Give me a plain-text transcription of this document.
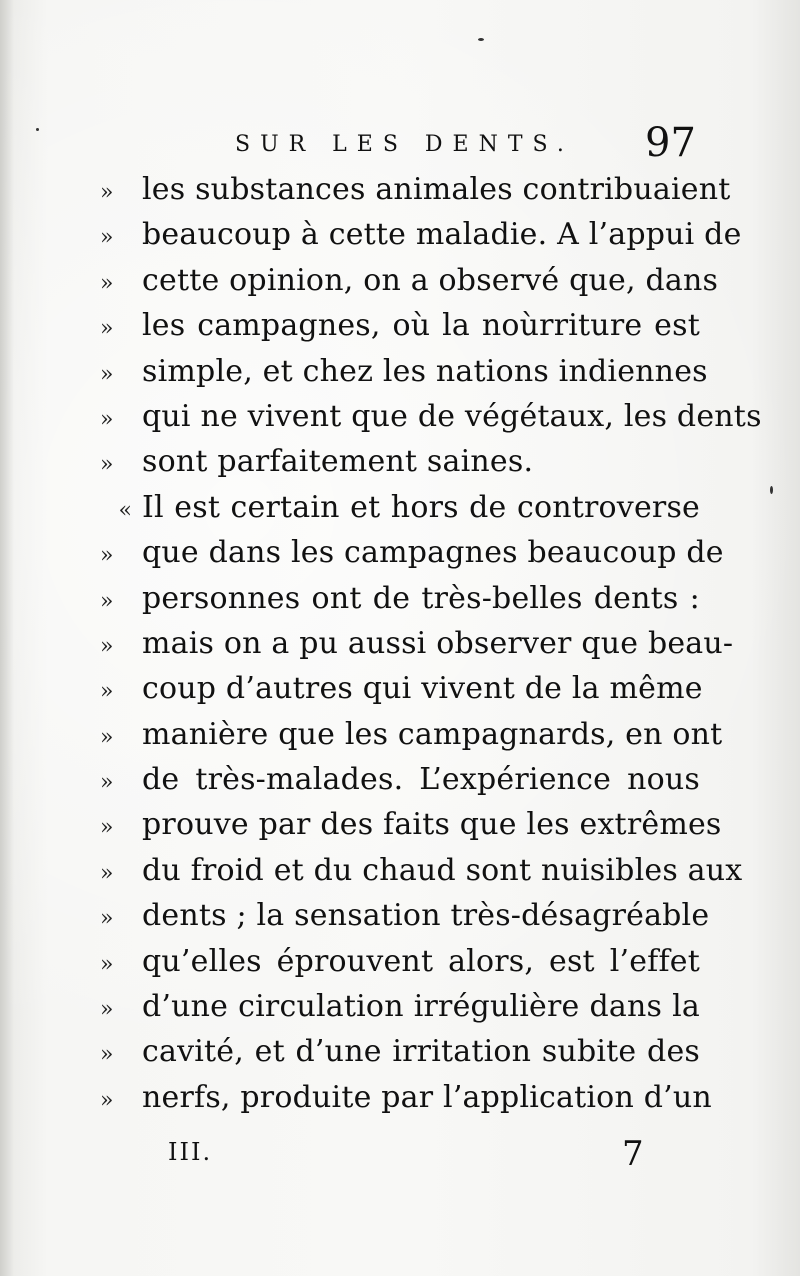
SUR LES DENTS. 97
» les substances animales contribuaient
» beaucoup à cette maladie. A l’appui de
» cette opinion, on a observé que, dans
» les campagnes, où la noùrriture est
» simple, et chez les nations indiennes
» qui ne vivent que de végétaux, les dents
» sont parfaitement saines.
« Il est certain et hors de controverse
» que dans les campagnes beaucoup de
» personnes ont de très-belles dents :
» mais on a pu aussi observer que beau-
» coup d’autres qui vivent de la même
» manière que les campagnards, en ont
» de très-malades. L’expérience nous
» prouve par des faits que les extrêmes
» du froid et du chaud sont nuisibles aux
» dents ; la sensation très-désagréable
» qu’elles éprouvent alors, est l’effet
» d’une circulation irrégulière dans la
» cavité, et d’une irritation subite des
» nerfs, produite par l’application d’un
III.	7
